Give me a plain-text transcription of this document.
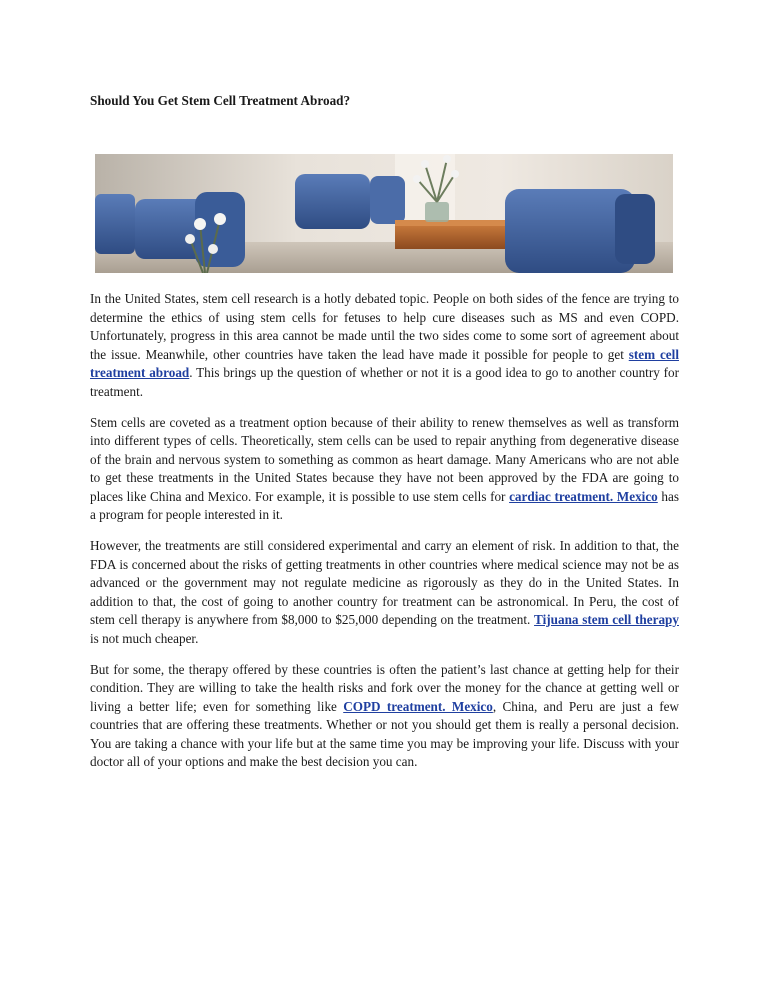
Should You Get Stem Cell Treatment Abroad?

In the United States, stem cell research is a hotly debated topic. People on both sides of the fence are trying to determine the ethics of using stem cells for fetuses to help cure diseases such as MS and even COPD. Unfortunately, progress in this area cannot be made until the two sides come to some sort of agreement about the issue. Meanwhile, other countries have taken the lead have made it possible for people to get stem cell treatment abroad. This brings up the question of whether or not it is a good idea to go to another country for treatment.

Stem cells are coveted as a treatment option because of their ability to renew themselves as well as transform into different types of cells. Theoretically, stem cells can be used to repair anything from degenerative disease of the brain and nervous system to something as common as heart damage. Many Americans who are not able to get these treatments in the United States because they have not been approved by the FDA are going to places like China and Mexico. For example, it is possible to use stem cells for cardiac treatment. Mexico has a program for people interested in it.

However, the treatments are still considered experimental and carry an element of risk. In addition to that, the FDA is concerned about the risks of getting treatments in other countries where medical science may not be as advanced or the government may not regulate medicine as rigorously as they do in the United States. In addition to that, the cost of going to another country for treatment can be astronomical. In Peru, the cost of stem cell therapy is anywhere from $8,000 to $25,000 depending on the treatment. Tijuana stem cell therapy is not much cheaper.

But for some, the therapy offered by these countries is often the patient’s last chance at getting help for their condition. They are willing to take the health risks and fork over the money for the chance at getting well or living a better life; even for something like COPD treatment. Mexico, China, and Peru are just a few countries that are offering these treatments. Whether or not you should get them is really a personal decision. You are taking a chance with your life but at the same time you may be improving your life. Discuss with your doctor all of your options and make the best decision you can.
